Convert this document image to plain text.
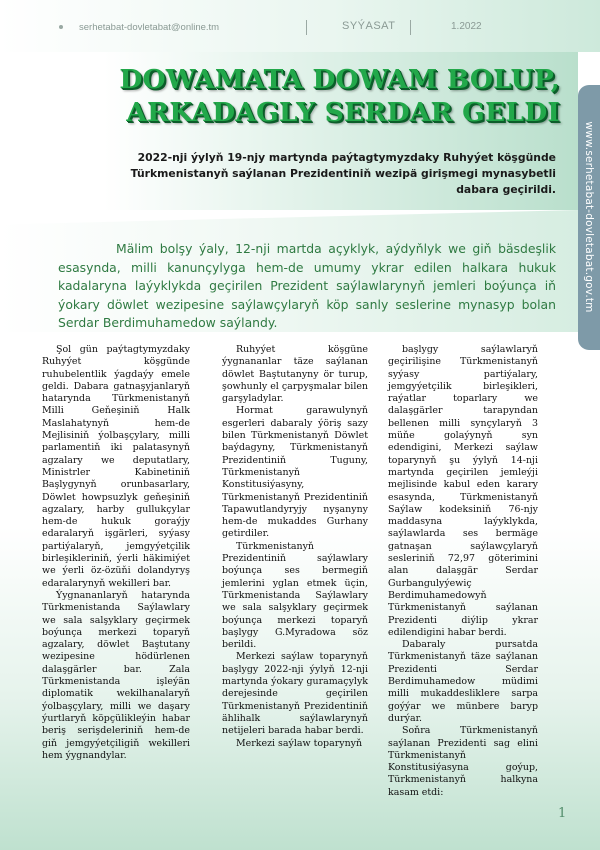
serhetabat-dovletabat@online.tm	SYÝASAT	1.2022
DOWAMATA DOWAM BOLUP,
ARKADAGLY SERDAR GELDI

2022-nji ýylyň 19-njy martynda paýtagtymyzdaky Ruhyýet köşgünde Türkmenistanyň saýlanan Prezidentiniň wezipä girişmegi mynasybetli dabara geçirildi.	www.serhetabat-dovletabat.gov.tm

Mälim bolşy ýaly, 12-nji martda açyklyk, aýdyňlyk we giň bäsdeşlik esasynda, milli kanunçylyga hem-de umumy ykrar edilen halkara hukuk kadalaryna laýyklykda geçirilen Prezident saýlawlarynyň jemleri boýunça iň ýokary döwlet wezipesine saýlawçylaryň köp sanly seslerine mynasyp bolan Serdar Berdimuhamedow saýlandy.

Şol gün paýtagtymyzdaky Ruhyýet köşgünde ruhubelentlik ýagdaýy emele geldi. Dabara gatnaşyjanlaryň hatarynda Türkmenistanyň Milli Geňeşiniň Halk Maslahatynyň hem-de Mejlisiniň ýolbaşçylary, milli parlamentiň iki palatasynyň agzalary we deputatlary, Ministrler Kabinetiniň Başlygynyň orunbasarlary, Döwlet howpsuzlyk geňeşiniň agzalary, harby gullukçylar hem-de hukuk goraýjy edaralaryň işgärleri, syýasy partiýalaryň, jemgyýetçilik birleşikleriniň, ýerli häkimiýet we ýerli öz-özüňi dolandyryş edaralarynyň wekilleri bar.

Ýygnananlaryň hatarynda Türkmenistanda Saýlawlary we sala salşyklary geçirmek boýunça merkezi toparyň agzalary, döwlet Baştutany wezipesine hödürlenen dalaşgärler bar. Zala Türkmenistanda işleýän diplomatik wekilhanalaryň ýolbaşçylary, milli we daşary ýurtlaryň köpçülikleýin habar beriş serişdeleriniň hem-de giň jemgyýetçiligiň wekilleri hem ýygnandylar.

Ruhyýet köşgüne ýygnananlar täze saýlanan döwlet Baştutanyny ör turup, şowhunly el çarpyşmalar bilen garşyladylar.

Hormat garawulynyň esgerleri dabaraly ýöriş sazy bilen Türkmenistanyň Döwlet baýdagyny, Türkmenistanyň Prezidentiniň Tuguny, Türkmenistanyň Konstitusiýasyny, Türkmenistanyň Prezidentiniň Tapawutlandyryjy nyşanyny hem-de mukaddes Gurhany getirdiler.

Türkmenistanyň Prezidentiniň saýlawlary boýunça ses bermegiň jemlerini yglan etmek üçin, Türkmenistanda Saýlawlary we sala salşyklary geçirmek boýunça merkezi toparyň başlygy G.Myradowa söz berildi.

Merkezi saýlaw toparynyň başlygy 2022-nji ýylyň 12-nji martynda ýokary guramaçylyk derejesinde geçirilen Türkmenistanyň Prezidentiniň ählihalk saýlawlarynyň netijeleri barada habar berdi.

Merkezi saýlaw toparynyň

başlygy saýlawlaryň geçirilişine Türkmenistanyň syýasy partiýalary, jemgyýetçilik birleşikleri, raýatlar toparlary we dalaşgärler tarapyndan bellenen milli synçylaryň 3 müňe golaýynyň syn edendigini, Merkezi saýlaw toparynyň şu ýylyň 14-nji martynda geçirilen jemleýji mejlisinde kabul eden karary esasynda, Türkmenistanyň Saýlaw kodeksiniň 76-njy maddasyna laýyklykda, saýlawlarda ses bermäge gatnaşan saýlawçylaryň sesleriniň 72,97 göterimini alan dalaşgär Serdar Gurbangulyýewiç Berdimuhamedowyň Türkmenistanyň saýlanan Prezidenti diýlip ykrar edilendigini habar berdi.

Dabaraly pursatda Türkmenistanyň täze saýlanan Prezidenti Serdar Berdimuhamedow müdimi milli mukaddesliklere sarpa goýýar we münbere baryp durýar.

Soňra Türkmenistanyň saýlanan Prezidenti sag elini Türkmenistanyň Konstitusiýasyna goýup, Türkmenistanyň halkyna kasam etdi:

1
